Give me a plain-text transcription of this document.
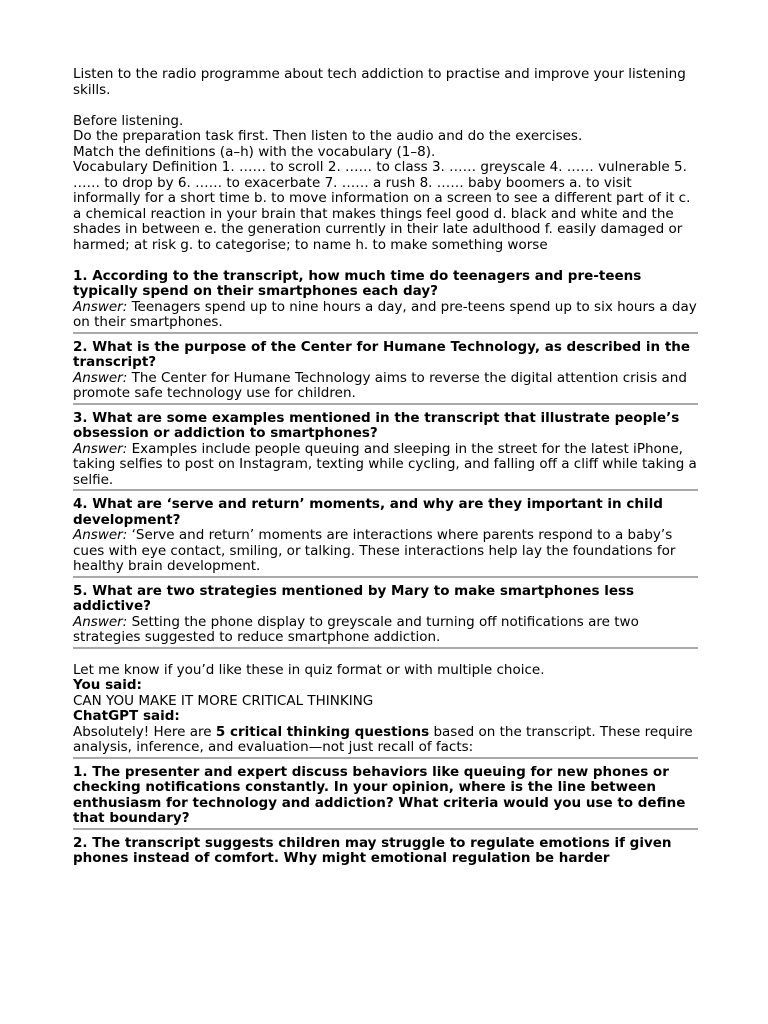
Listen to the radio programme about tech addiction to practise and improve your listening

skills.

Before listening.

Do the preparation task first. Then listen to the audio and do the exercises.

Match the definitions (a–h) with the vocabulary (1–8).

Vocabulary Definition 1. …… to scroll 2. …… to class 3. …… greyscale 4. …… vulnerable 5. …… to drop by 6. …… to exacerbate 7. …… a rush 8. …… baby boomers a. to visit informally for a short time b. to move information on a screen to see a different part of it c. a chemical reaction in your brain that makes things feel good d. black and white and the shades in between e. the generation currently in their late adulthood f. easily damaged or harmed; at risk g. to categorise; to name h. to make something worse

1. According to the transcript, how much time do teenagers and pre-teens typically spend on their smartphones each day?

Answer: Teenagers spend up to nine hours a day, and pre-teens spend up to six hours a day on their smartphones.

2. What is the purpose of the Center for Humane Technology, as described in the transcript?

Answer: The Center for Humane Technology aims to reverse the digital attention crisis and promote safe technology use for children.

3. What are some examples mentioned in the transcript that illustrate people’s obsession or addiction to smartphones?

Answer: Examples include people queuing and sleeping in the street for the latest iPhone, taking selfies to post on Instagram, texting while cycling, and falling off a cliff while taking a selfie.

4. What are ‘serve and return’ moments, and why are they important in child development?

Answer: ‘Serve and return’ moments are interactions where parents respond to a baby’s cues with eye contact, smiling, or talking. These interactions help lay the foundations for healthy brain development.

5. What are two strategies mentioned by Mary to make smartphones less addictive?

Answer: Setting the phone display to greyscale and turning off notifications are two strategies suggested to reduce smartphone addiction.

Let me know if you’d like these in quiz format or with multiple choice.

You said:

CAN YOU MAKE IT MORE CRITICAL THINKING

ChatGPT said:

Absolutely! Here are 5 critical thinking questions based on the transcript. These require analysis, inference, and evaluation—not just recall of facts:

1. The presenter and expert discuss behaviors like queuing for new phones or checking notifications constantly. In your opinion, where is the line between enthusiasm for technology and addiction? What criteria would you use to define that boundary?

2. The transcript suggests children may struggle to regulate emotions if given phones instead of comfort. Why might emotional regulation be harder
